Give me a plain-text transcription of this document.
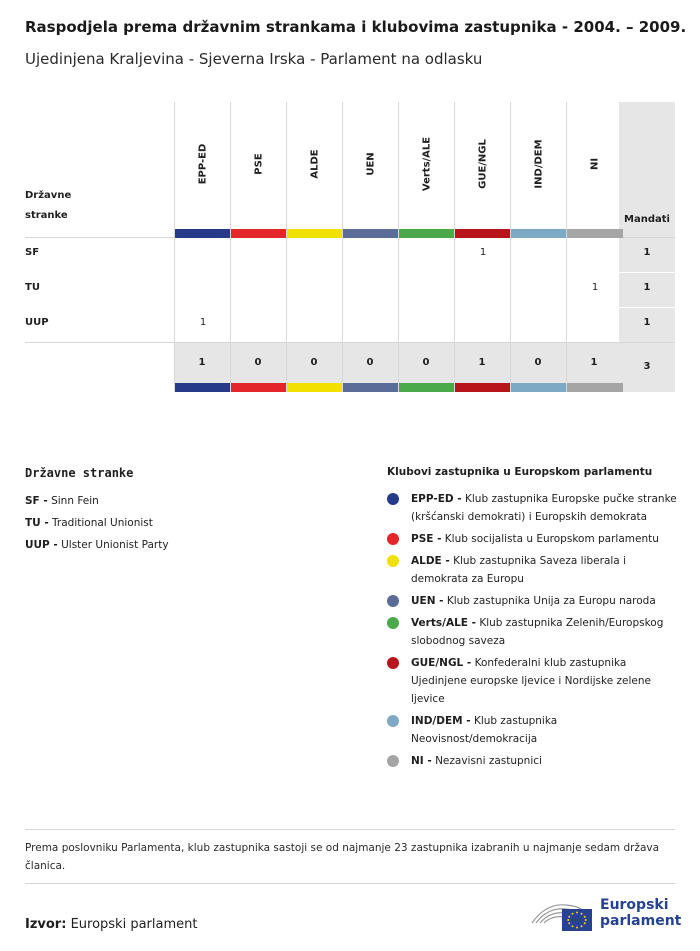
Raspodjela prema državnim strankama i klubovima zastupnika - 2004. – 2009.
Ujedinjena Kraljevina - Sjeverna Irska - Parlament na odlasku
Državne stranke	Mandati
1
1
1
3
EPP-ED
1
1
PSE
0
ALDE
0
UEN
0
Verts/ALE
0
GUE/NGL
1
1
IND/DEM
0
NI
1
1
SF
TU
UUP
Državne stranke
SF - Sinn Fein
TU - Traditional Unionist
UUP - Ulster Unionist Party
Klubovi zastupnika u Europskom parlamentu
EPP-ED - Klub zastupnika Europske pučke stranke (kršćanski demokrati) i Europskih demokrata
PSE - Klub socijalista u Europskom parlamentu
ALDE - Klub zastupnika Saveza liberala i demokrata za Europu
UEN - Klub zastupnika Unija za Europu naroda
Verts/ALE - Klub zastupnika Zelenih/Europskog slobodnog saveza
GUE/NGL - Konfederalni klub zastupnika Ujedinjene europske ljevice i Nordijske zelene ljevice
IND/DEM - Klub zastupnika Neovisnost/demokracija
NI - Nezavisni zastupnici
Prema poslovniku Parlamenta, klub zastupnika sastoji se od najmanje 23 zastupnika izabranih u najmanje sedam država članica.
Izvor: Europski parlament
Europski
parlament
